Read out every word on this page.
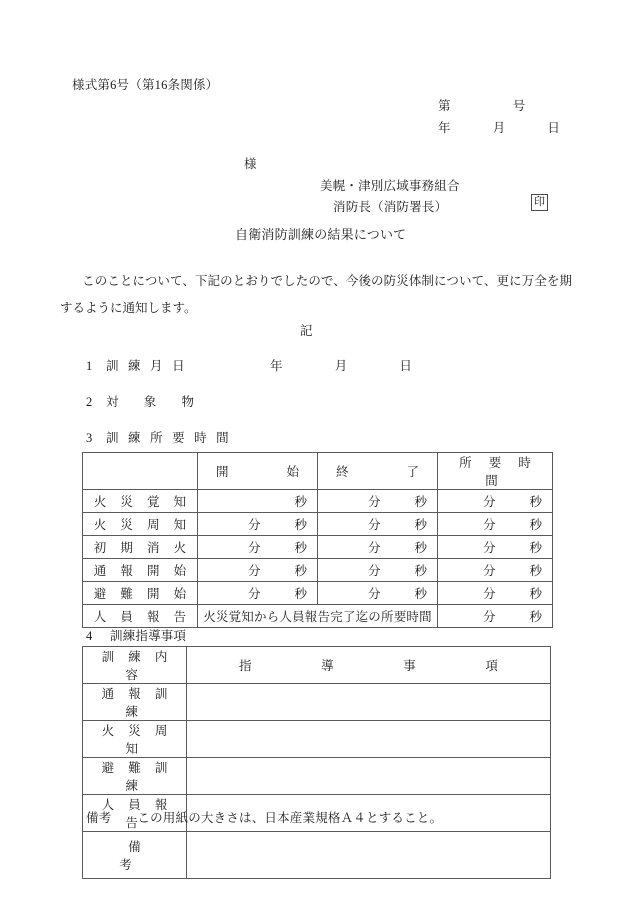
様式第6号（第16条関係）
第	号
年	月	日
様
美幌・津別広域事務組合
消防長（消防署長）	印
自衛消防訓練の結果について
このことについて、下記のとおりでしたので、今後の防災体制について、更に万全を期するように通知します。
記
1 訓 練 月 日	年	月	日
2 対　 象　 物
3 訓 練 所 要 時 間
	開　　始	終　　了	所 要 時 間
火 災 覚 知	秒	分 秒	分 秒

火 災 周 知	分 秒	分 秒	分 秒

初 期 消 火	分 秒	分 秒	分 秒

通 報 開 始	分 秒	分 秒	分 秒

避 難 開 始	分 秒	分 秒	分 秒

人 員 報 告	火災覚知から人員報告完了迄の所要時間		分 秒
4 訓練指導事項
訓 練 内 容	指　 導　 事　 項
通 報 訓 練	
火 災 周 知	
避 難 訓 練	
人 員 報 告	
備　　考	
備考 この用紙の大きさは、日本産業規格Ａ４とすること。
